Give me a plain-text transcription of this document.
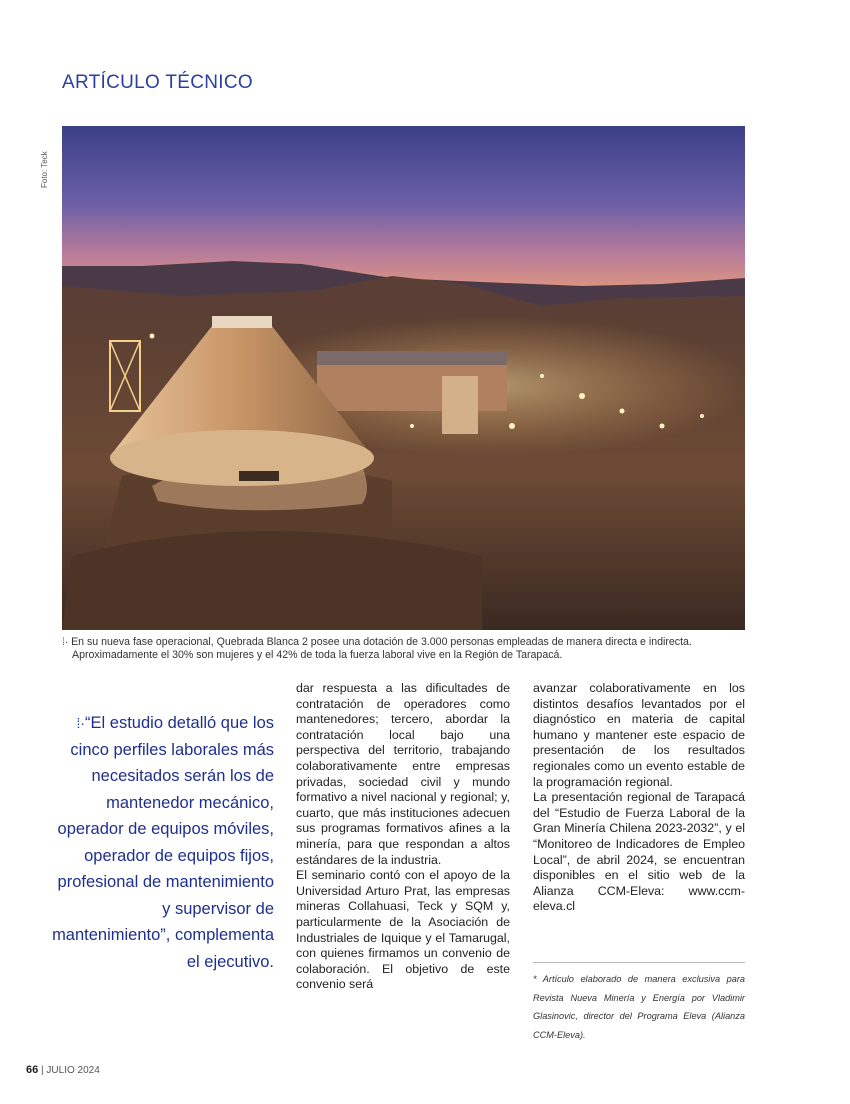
ARTÍCULO TÉCNICO
Foto: Teck
⁞· En su nueva fase operacional, Quebrada Blanca 2 posee una dotación de 3.000 personas empleadas de manera directa e indirecta.
Aproximadamente el 30% son mujeres y el 42% de toda la fuerza laboral vive en la Región de Tarapacá.
⁞·“El estudio detalló que los cinco perfiles laborales más necesitados serán los de mantenedor mecánico, operador de equipos móviles, operador de equipos fijos, profesional de mantenimiento y supervisor de mantenimiento”, complementa el ejecutivo.

dar respuesta a las dificultades de contratación de operadores como mantenedores; tercero, abordar la contratación local bajo una perspectiva del territorio, trabajando colaborativamente entre empresas privadas, sociedad civil y mundo formativo a nivel nacional y regional; y, cuarto, que más instituciones adecuen sus programas formativos afines a la minería, para que respondan a altos estándares de la industria.

El seminario contó con el apoyo de la Universidad Arturo Prat, las empresas mineras Collahuasi, Teck y SQM y, particularmente de la Asociación de Industriales de Iquique y el Tamarugal, con quienes firmamos un convenio de colaboración. El objetivo de este convenio será

avanzar colaborativamente en los distintos desafíos levantados por el diagnóstico en materia de capital humano y mantener este espacio de presentación de los resultados regionales como un evento estable de la programación regional.

La presentación regional de Tarapacá del “Estudio de Fuerza Laboral de la Gran Minería Chilena 2023-2032”, y el “Monitoreo de Indicadores de Empleo Local”, de abril 2024, se encuentran disponibles en el sitio web de la Alianza CCM-Eleva: www.ccm-eleva.cl

* Artículo elaborado de manera exclusiva para Revista Nueva Minería y Energía por Vladimir Glasinovic, director del Programa Eleva (Alianza CCM-Eleva).
66 | JULIO 2024
